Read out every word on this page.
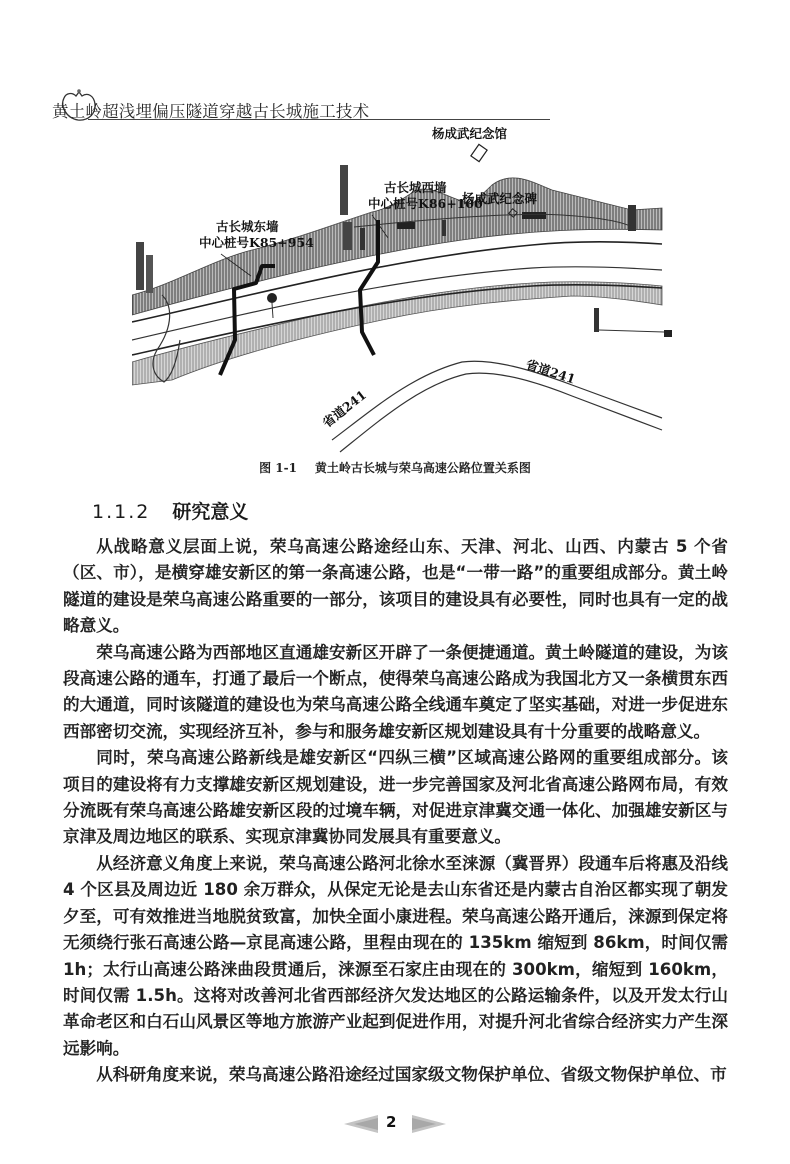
黄土岭超浅埋偏压隧道穿越古长城施工技术
杨成武纪念馆
杨成武纪念碑
古长城西墙
中心桩号K86+100
古长城东墙
中心桩号K85+954
省道241
省道241
图 1-1 黄土岭古长城与荣乌高速公路位置关系图
1.1.2 研究意义

从战略意义层面上说，荣乌高速公路途经山东、天津、河北、山西、内蒙古 5 个省（区、市），是横穿雄安新区的第一条高速公路，也是“一带一路”的重要组成部分。黄土岭隧道的建设是荣乌高速公路重要的一部分，该项目的建设具有必要性，同时也具有一定的战略意义。

荣乌高速公路为西部地区直通雄安新区开辟了一条便捷通道。黄土岭隧道的建设，为该段高速公路的通车，打通了最后一个断点，使得荣乌高速公路成为我国北方又一条横贯东西的大通道，同时该隧道的建设也为荣乌高速公路全线通车奠定了坚实基础，对进一步促进东西部密切交流，实现经济互补，参与和服务雄安新区规划建设具有十分重要的战略意义。

同时，荣乌高速公路新线是雄安新区“四纵三横”区域高速公路网的重要组成部分。该项目的建设将有力支撑雄安新区规划建设，进一步完善国家及河北省高速公路网布局，有效分流既有荣乌高速公路雄安新区段的过境车辆，对促进京津冀交通一体化、加强雄安新区与京津及周边地区的联系、实现京津冀协同发展具有重要意义。

从经济意义角度上来说，荣乌高速公路河北徐水至涞源（冀晋界）段通车后将惠及沿线 4 个区县及周边近 180 余万群众，从保定无论是去山东省还是内蒙古自治区都实现了朝发夕至，可有效推进当地脱贫致富，加快全面小康进程。荣乌高速公路开通后，涞源到保定将无须绕行张石高速公路—京昆高速公路，里程由现在的 135km 缩短到 86km，时间仅需 1h；太行山高速公路涞曲段贯通后，涞源至石家庄由现在的 300km，缩短到 160km，时间仅需 1.5h。这将对改善河北省西部经济欠发达地区的公路运输条件，以及开发太行山革命老区和白石山风景区等地方旅游产业起到促进作用，对提升河北省综合经济实力产生深远影响。

从科研角度来说，荣乌高速公路沿途经过国家级文物保护单位、省级文物保护单位、市

2
